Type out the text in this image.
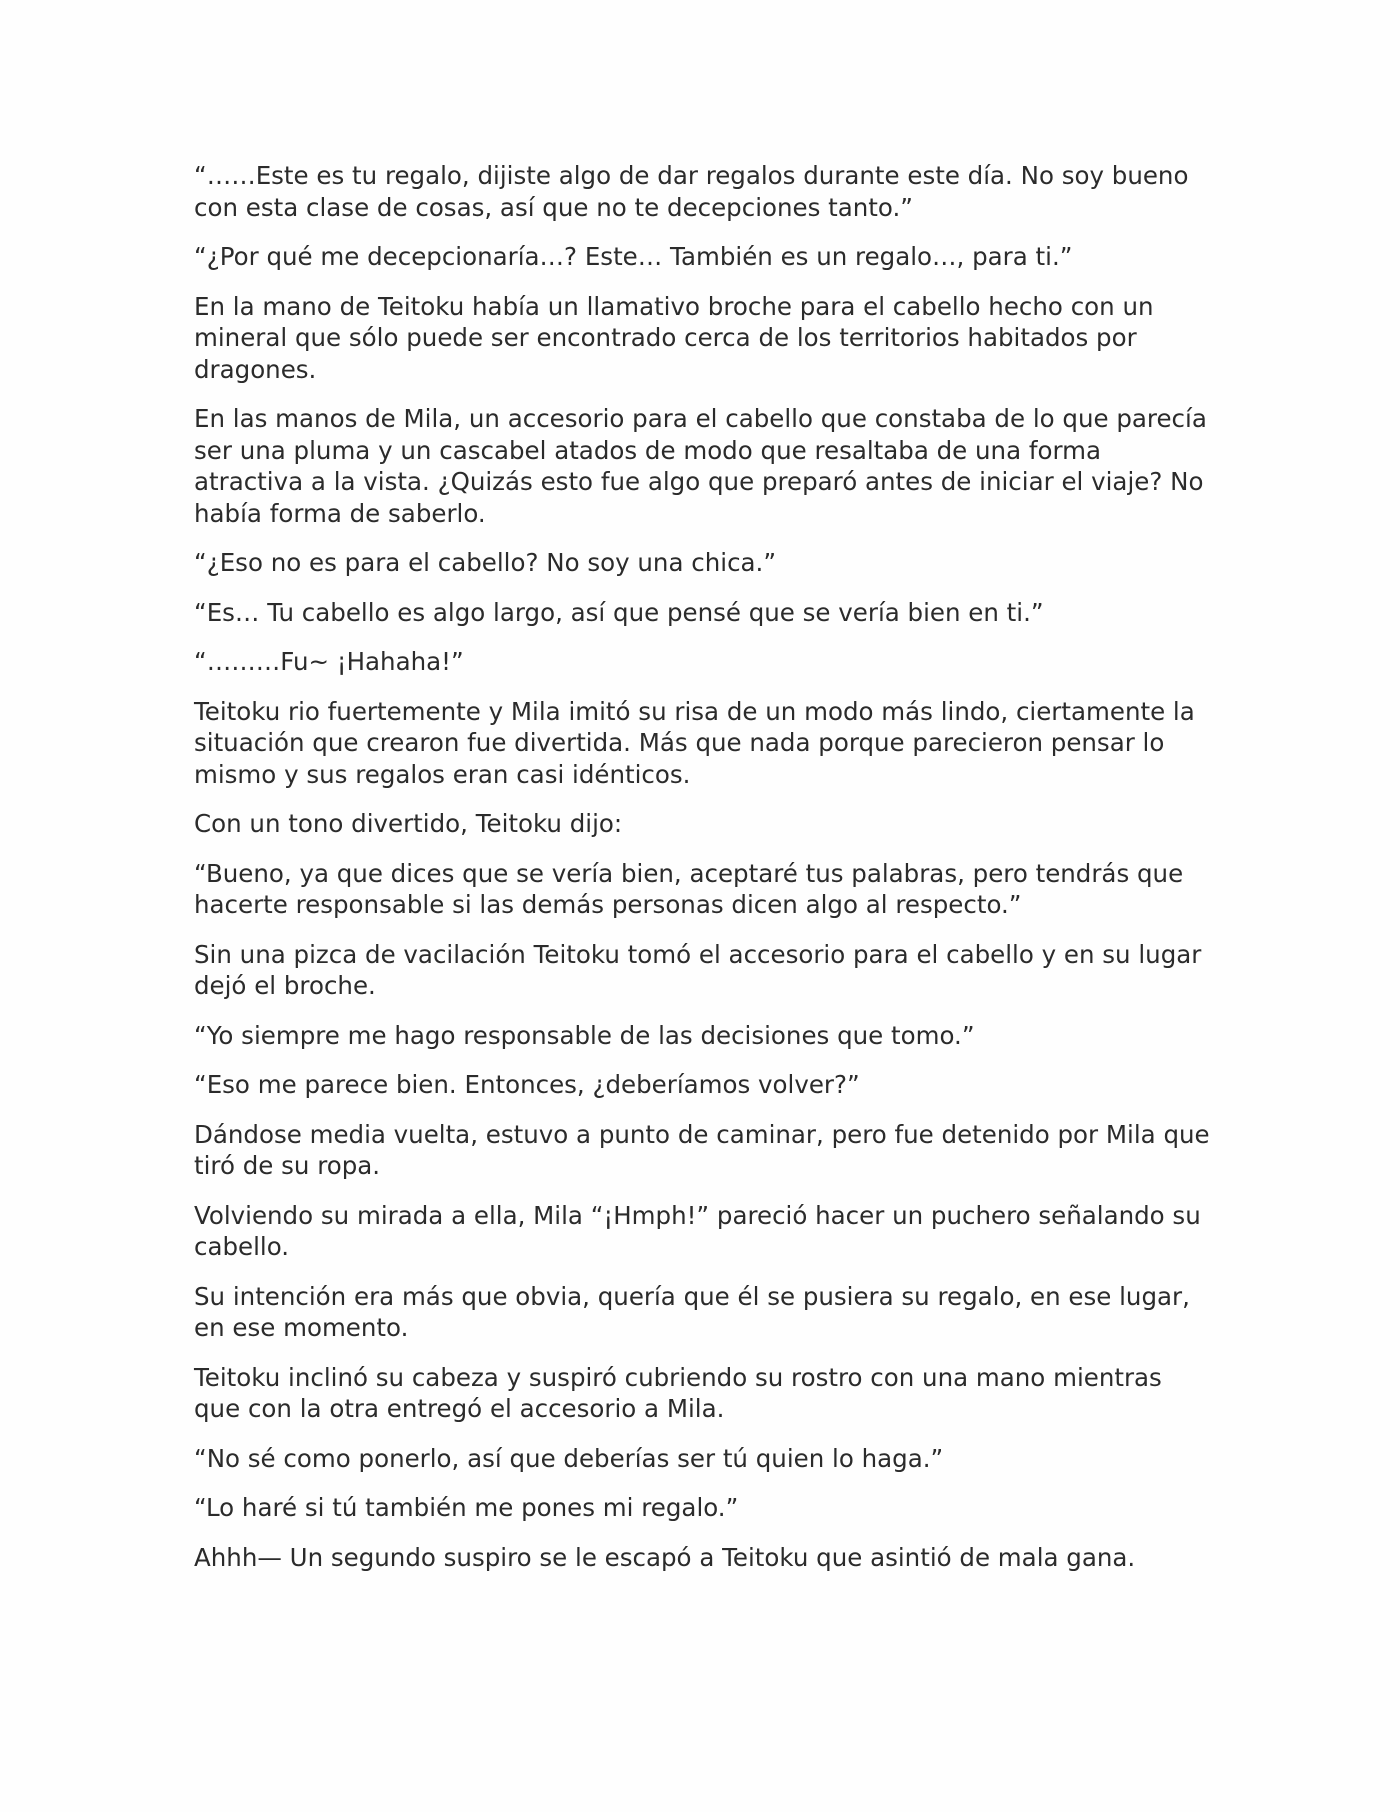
“……Este es tu regalo, dijiste algo de dar regalos durante este día. No soy bueno con esta clase de cosas, así que no te decepciones tanto.”

“¿Por qué me decepcionaría…? Este… También es un regalo…, para ti.”

En la mano de Teitoku había un llamativo broche para el cabello hecho con un mineral que sólo puede ser encontrado cerca de los territorios habitados por dragones.

En las manos de Mila, un accesorio para el cabello que constaba de lo que parecía ser una pluma y un cascabel atados de modo que resaltaba de una forma atractiva a la vista. ¿Quizás esto fue algo que preparó antes de iniciar el viaje? No había forma de saberlo.

“¿Eso no es para el cabello? No soy una chica.”

“Es… Tu cabello es algo largo, así que pensé que se vería bien en ti.”

“………Fu~ ¡Hahaha!”

Teitoku rio fuertemente y Mila imitó su risa de un modo más lindo, ciertamente la situación que crearon fue divertida. Más que nada porque parecieron pensar lo mismo y sus regalos eran casi idénticos.

Con un tono divertido, Teitoku dijo:

“Bueno, ya que dices que se vería bien, aceptaré tus palabras, pero tendrás que hacerte responsable si las demás personas dicen algo al respecto.”

Sin una pizca de vacilación Teitoku tomó el accesorio para el cabello y en su lugar dejó el broche.

“Yo siempre me hago responsable de las decisiones que tomo.”

“Eso me parece bien. Entonces, ¿deberíamos volver?”

Dándose media vuelta, estuvo a punto de caminar, pero fue detenido por Mila que tiró de su ropa.

Volviendo su mirada a ella, Mila “¡Hmph!” pareció hacer un puchero señalando su cabello.

Su intención era más que obvia, quería que él se pusiera su regalo, en ese lugar, en ese momento.

Teitoku inclinó su cabeza y suspiró cubriendo su rostro con una mano mientras que con la otra entregó el accesorio a Mila.

“No sé como ponerlo, así que deberías ser tú quien lo haga.”

“Lo haré si tú también me pones mi regalo.”

Ahhh— Un segundo suspiro se le escapó a Teitoku que asintió de mala gana.
